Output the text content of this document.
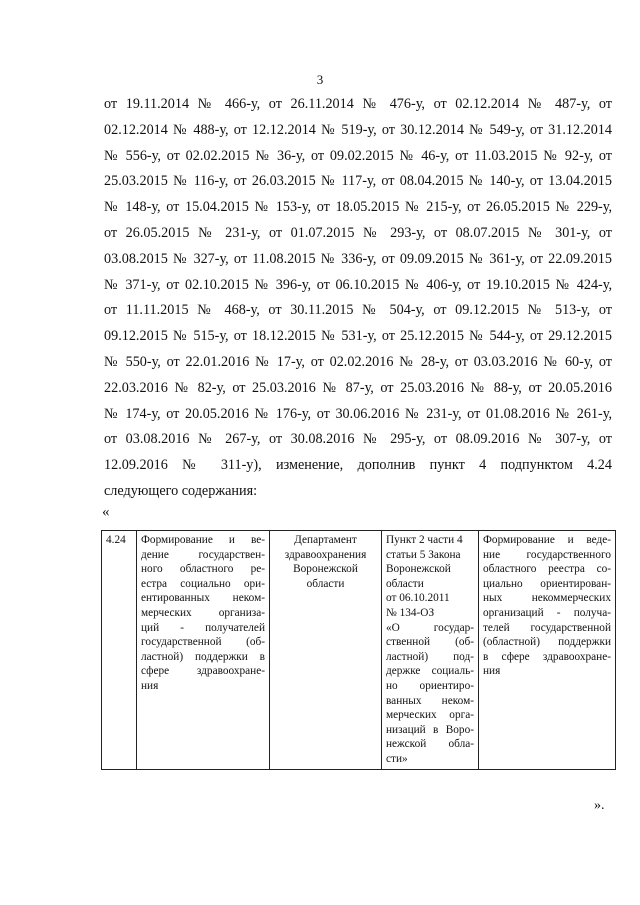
3
от 19.11.2014 № 466-у, от 26.11.2014 № 476-у, от 02.12.2014 № 487-у, от
02.12.2014 № 488-у, от 12.12.2014 № 519-у, от 30.12.2014 № 549-у, от 31.12.2014
№ 556-у, от 02.02.2015 № 36-у, от 09.02.2015 № 46-у, от 11.03.2015 № 92-у, от
25.03.2015 № 116-у, от 26.03.2015 № 117-у, от 08.04.2015 № 140-у, от 13.04.2015
№ 148-у, от 15.04.2015 № 153-у, от 18.05.2015 № 215-у, от 26.05.2015 № 229-у,
от 26.05.2015 № 231-у, от 01.07.2015 № 293-у, от 08.07.2015 № 301-у, от
03.08.2015 № 327-у, от 11.08.2015 № 336-у, от 09.09.2015 № 361-у, от 22.09.2015
№ 371-у, от 02.10.2015 № 396-у, от 06.10.2015 № 406-у, от 19.10.2015 № 424-у,
от 11.11.2015 № 468-у, от 30.11.2015 № 504-у, от 09.12.2015 № 513-у, от
09.12.2015 № 515-у, от 18.12.2015 № 531-у, от 25.12.2015 № 544-у, от 29.12.2015
№ 550-у, от 22.01.2016 № 17-у, от 02.02.2016 № 28-у, от 03.03.2016 № 60-у, от
22.03.2016 № 82-у, от 25.03.2016 № 87-у, от 25.03.2016 № 88-у, от 20.05.2016
№ 174-у, от 20.05.2016 № 176-у, от 30.06.2016 № 231-у, от 01.08.2016 № 261-у,
от 03.08.2016 № 267-у, от 30.08.2016 № 295-у, от 08.09.2016 № 307-у, от
12.09.2016 № 311-у), изменение, дополнив пункт 4 подпунктом 4.24
следующего содержания:
«
4.24	Формирование и ве-
дение государствен-
ного областного ре-
естра социально ори-
ентированных неком-
мерческих организа-
ций - получателей
государственной (об-
ластной) поддержки в
сфере здравоохране-
ния

Департамент
здравоохранения
Воронежской
области

Пункт 2 части 4
статьи 5 Закона
Воронежской
области
от 06.10.2011
№ 134-ОЗ
«О государ-
ственной (об-
ластной) под-
держке социаль-
но ориентиро-
ванных неком-
мерческих орга-
низаций в Воро-
нежской обла-
сти»

Формирование и веде-
ние государственного
областного реестра со-
циально ориентирован-
ных некоммерческих
организаций - получа-
телей государственной
(областной) поддержки
в сфере здравоохране-
ния
».
